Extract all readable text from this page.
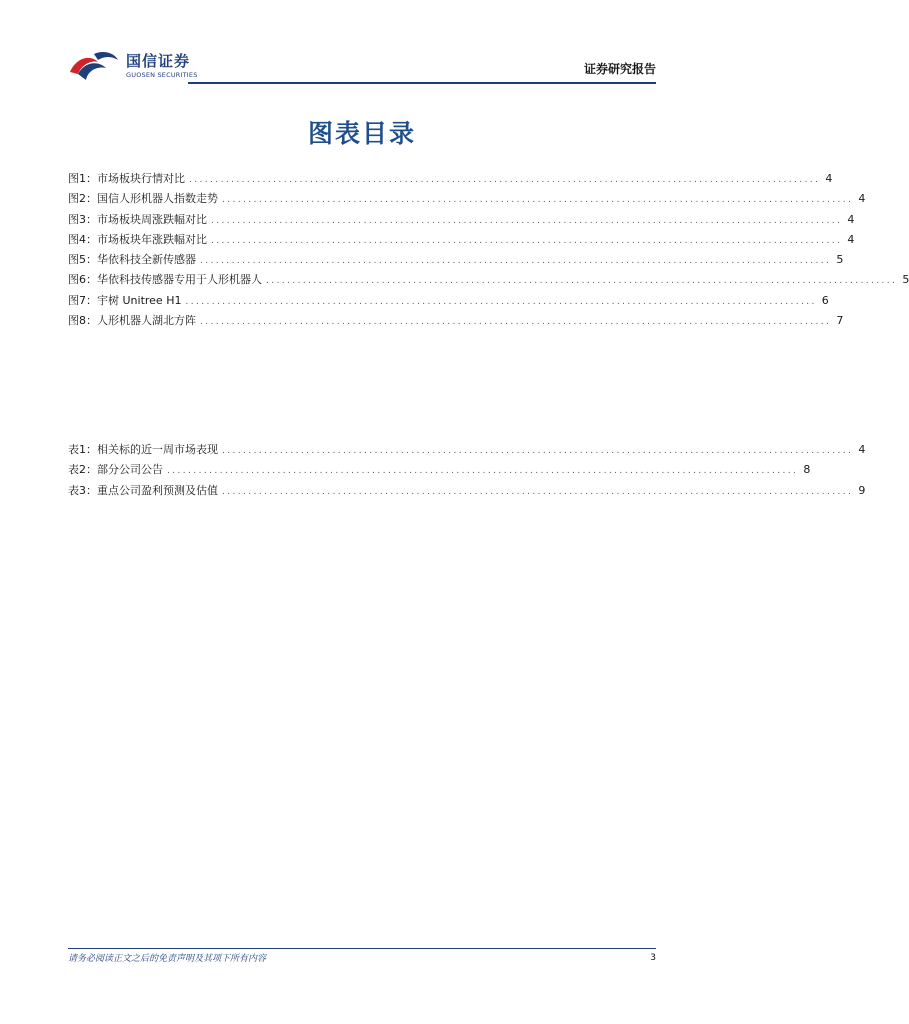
国信证券
GUOSEN SECURITIES	证券研究报告
图表目录
图1： 市场板块行情对比 ........................................................................................................................ 4
图2： 国信人形机器人指数走势 ........................................................................................................................ 4
图3： 市场板块周涨跌幅对比 ........................................................................................................................ 4
图4： 市场板块年涨跌幅对比 ........................................................................................................................ 4
图5： 华依科技全新传感器 ........................................................................................................................ 5
图6： 华依科技传感器专用于人形机器人 ........................................................................................................................ 5
图7： 宇树 Unitree H1 ........................................................................................................................ 6
图8： 人形机器人湖北方阵 ........................................................................................................................ 7
表1： 相关标的近一周市场表现 ........................................................................................................................ 4
表2： 部分公司公告 ........................................................................................................................ 8
表3： 重点公司盈利预测及估值 ........................................................................................................................ 9
请务必阅读正文之后的免责声明及其项下所有内容	3
